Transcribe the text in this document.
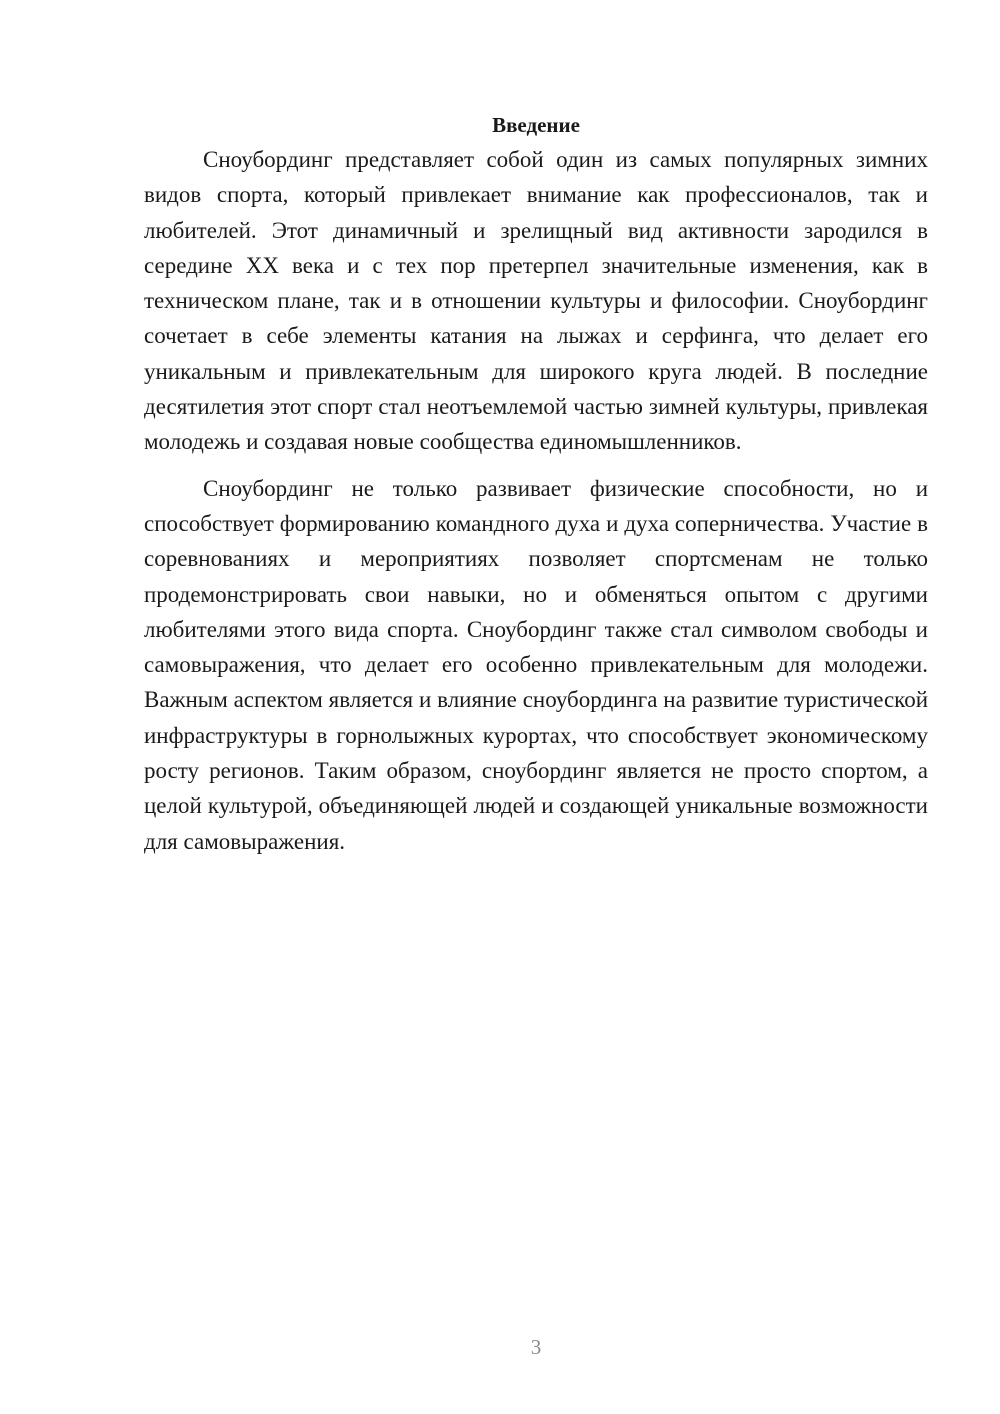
Введение

Сноубординг представляет собой один из самых популярных зимних видов спорта, который привлекает внимание как профессионалов, так и любителей. Этот динамичный и зрелищный вид активности зародился в середине XX века и с тех пор претерпел значительные изменения, как в техническом плане, так и в отношении культуры и философии. Сноубординг сочетает в себе элементы катания на лыжах и серфинга, что делает его уникальным и привлекательным для широкого круга людей. В последние десятилетия этот спорт стал неотъемлемой частью зимней культуры, привлекая молодежь и создавая новые сообщества единомышленников.

Сноубординг не только развивает физические способности, но и способствует формированию командного духа и духа соперничества. Участие в соревнованиях и мероприятиях позволяет спортсменам не только продемонстрировать свои навыки, но и обменяться опытом с другими любителями этого вида спорта. Сноубординг также стал символом свободы и самовыражения, что делает его особенно привлекательным для молодежи. Важным аспектом является и влияние сноубординга на развитие туристической инфраструктуры в горнолыжных курортах, что способствует экономическому росту регионов. Таким образом, сноубординг является не просто спортом, а целой культурой, объединяющей людей и создающей уникальные возможности для самовыражения.

3
